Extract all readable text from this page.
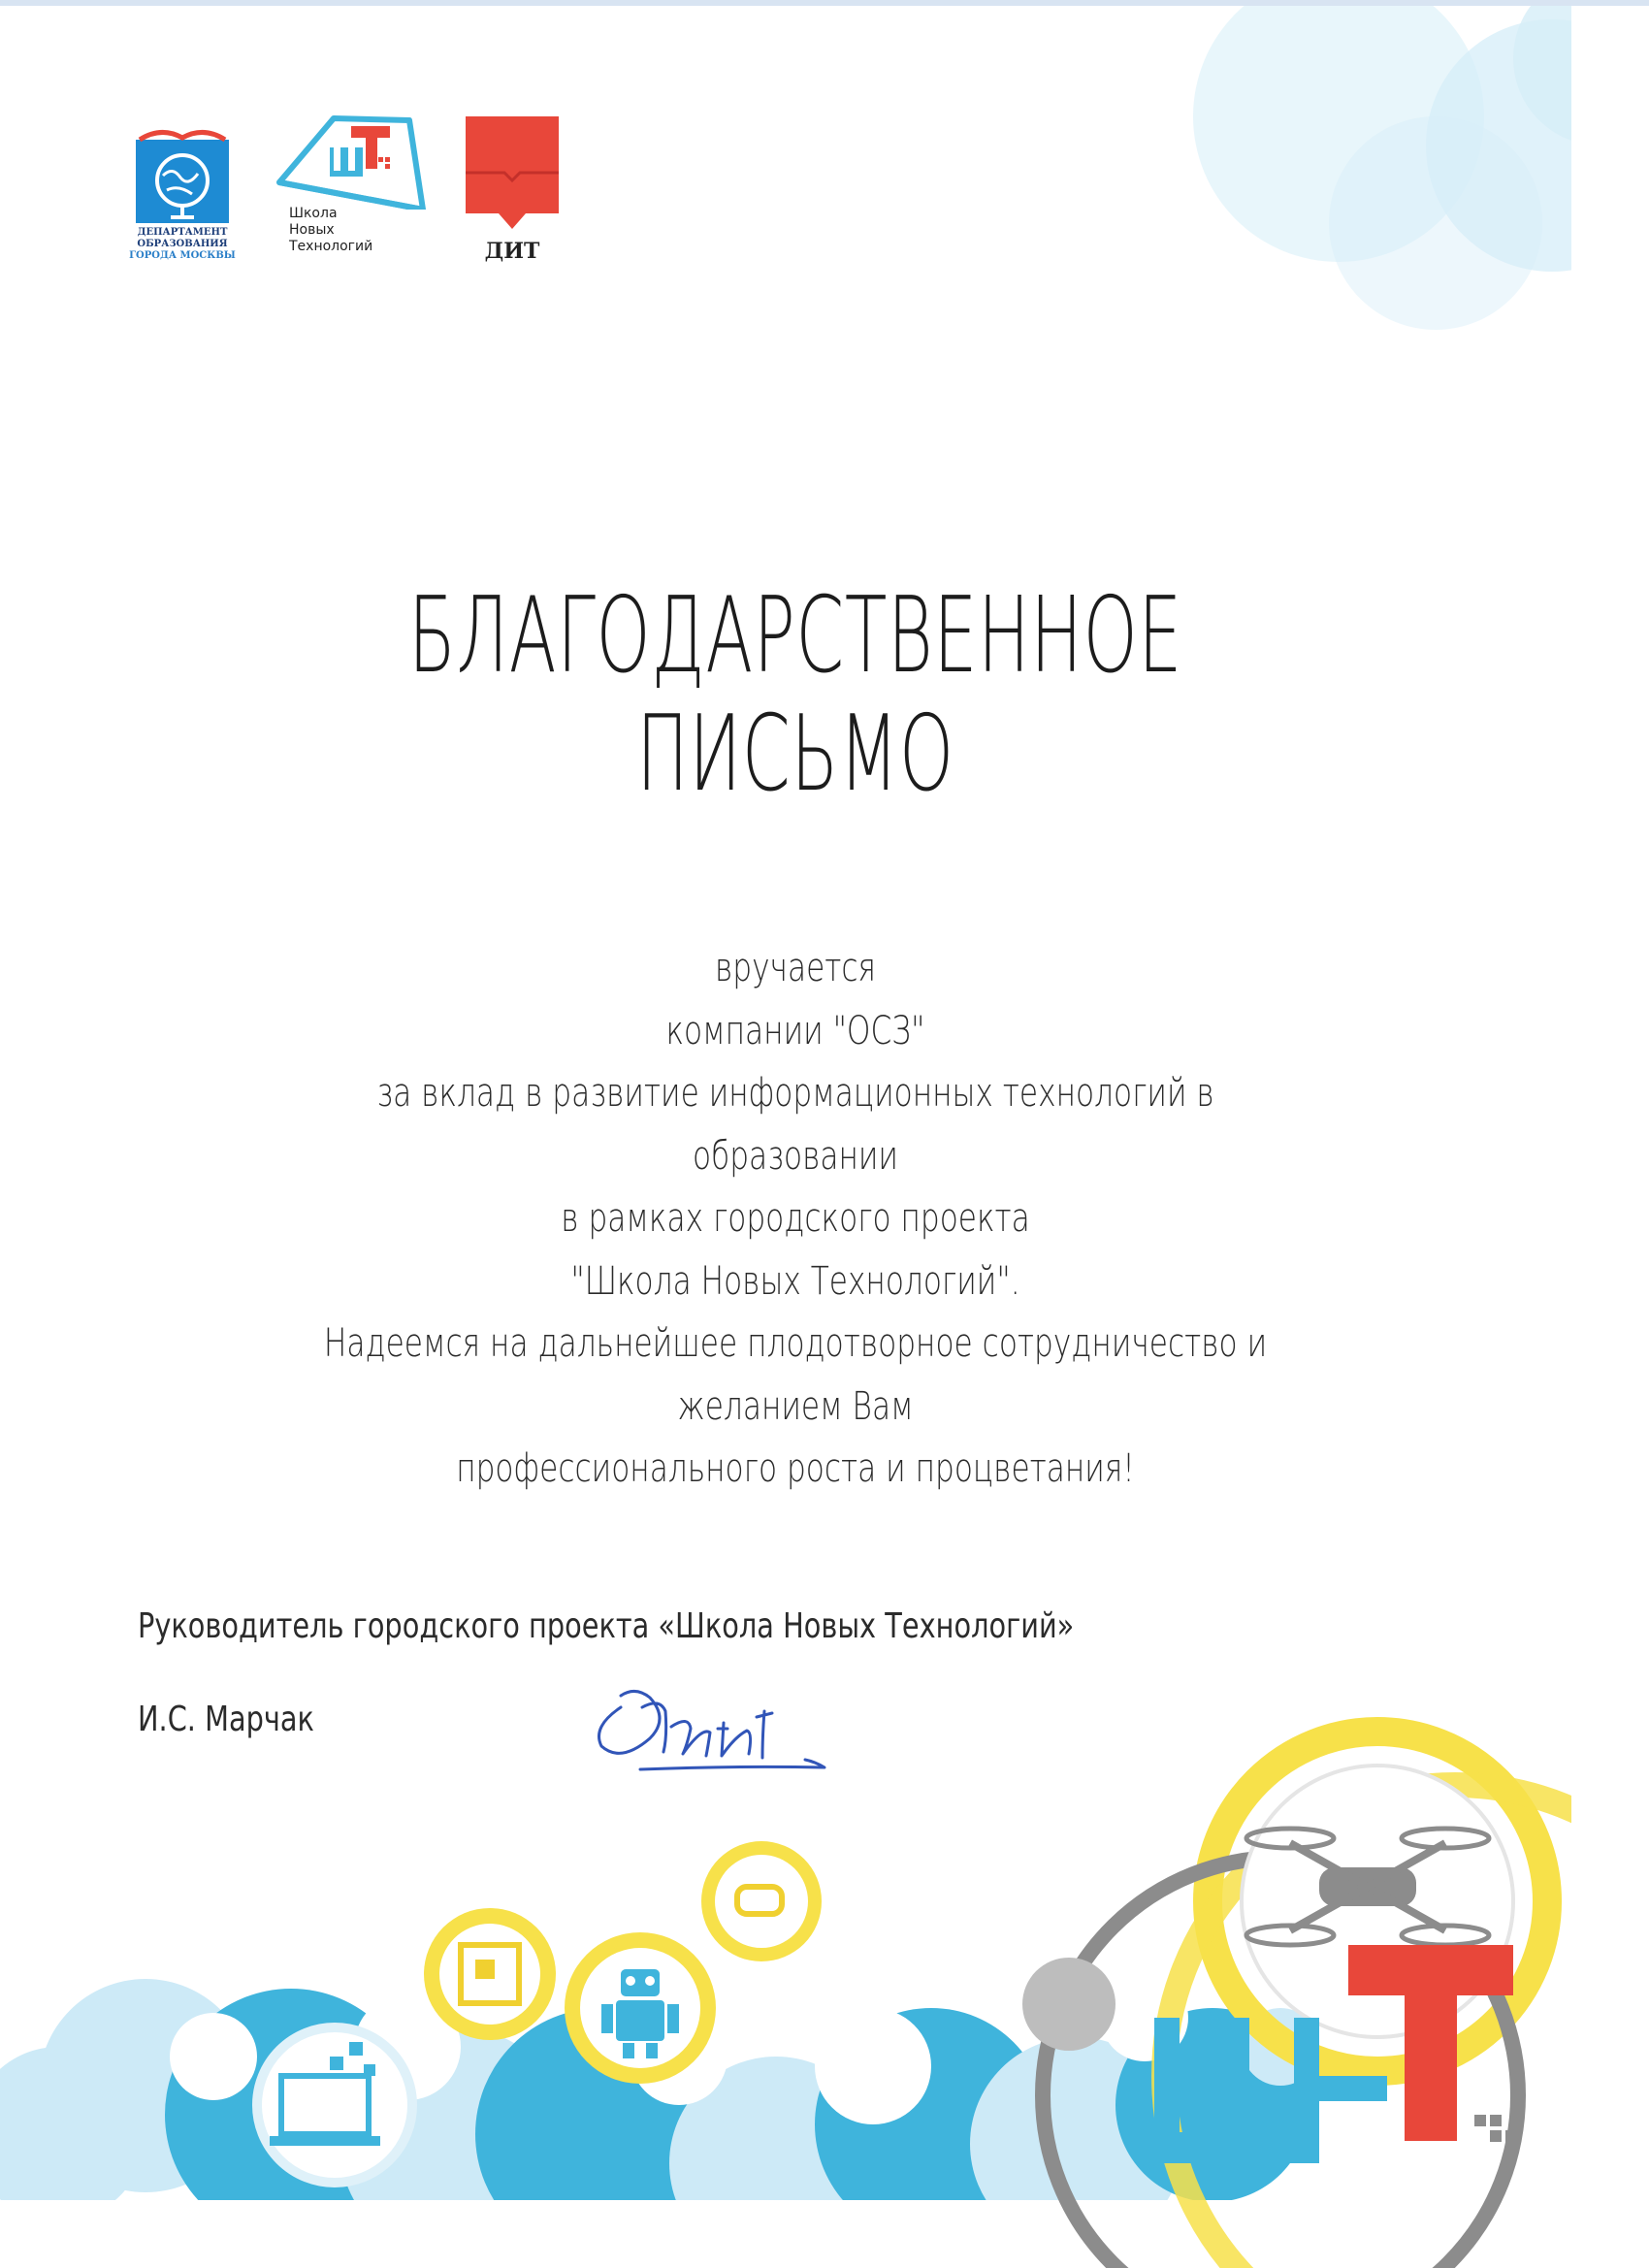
ДЕПАРТАМЕНТ
ОБРАЗОВАНИЯ
ГОРОДА МОСКВЫ
Школа
Новых
Технологий	ДИТ
БЛАГОДАРСТВЕННОЕ
ПИСЬМО
вручается
компании "ОСЗ"
за вклад в развитие информационных технологий в образовании
в рамках городского проекта
"Школа Новых Технологий".
Надеемся на дальнейшее плодотворное сотрудничество и желанием Вам
профессионального роста и процветания!
Руководитель городского проекта «Школа Новых Технологий»
И.С. Марчак
